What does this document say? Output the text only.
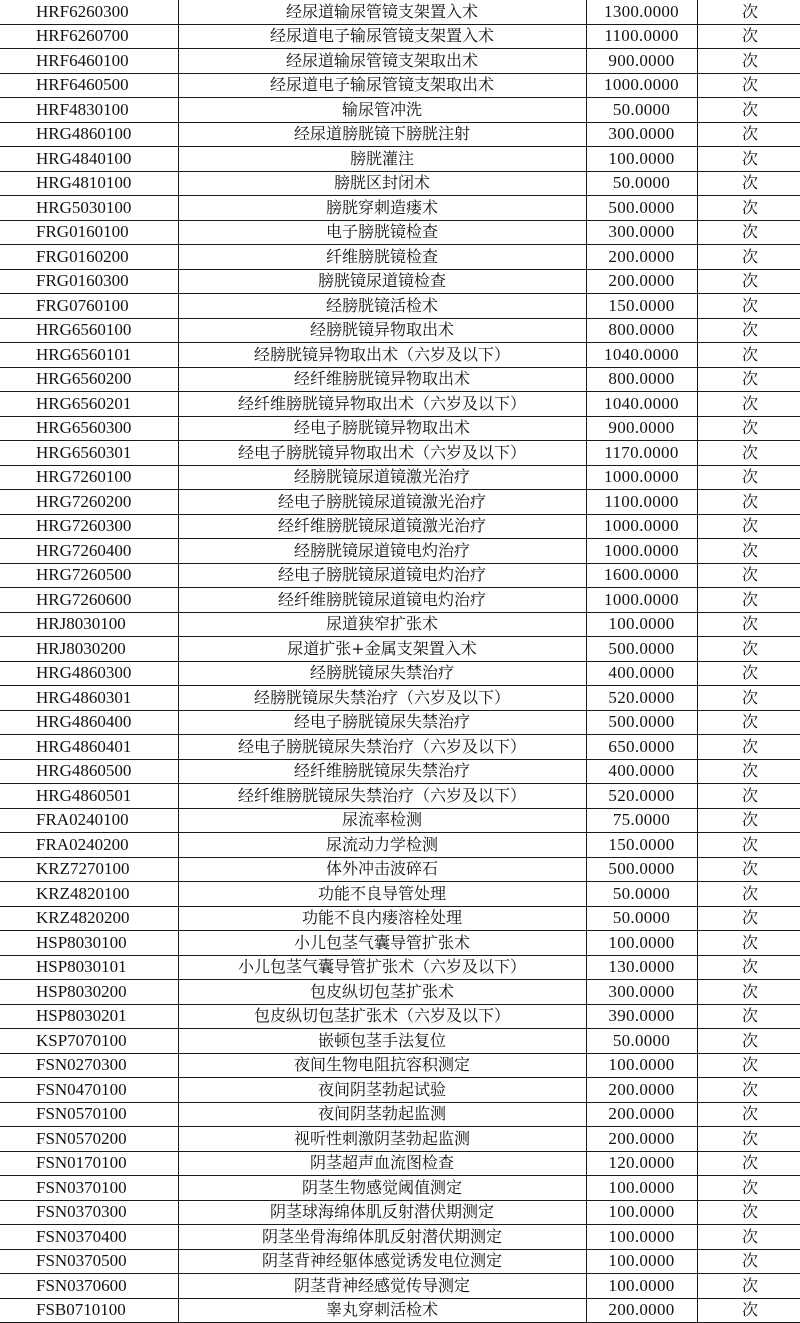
HRF6260300	经尿道输尿管镜支架置入术	1300.0000	次
HRF6260700	经尿道电子输尿管镜支架置入术	1100.0000	次
HRF6460100	经尿道输尿管镜支架取出术	900.0000	次
HRF6460500	经尿道电子输尿管镜支架取出术	1000.0000	次
HRF4830100	输尿管冲洗	50.0000	次
HRG4860100	经尿道膀胱镜下膀胱注射	300.0000	次
HRG4840100	膀胱灌注	100.0000	次
HRG4810100	膀胱区封闭术	50.0000	次
HRG5030100	膀胱穿刺造瘘术	500.0000	次
FRG0160100	电子膀胱镜检查	300.0000	次
FRG0160200	纤维膀胱镜检查	200.0000	次
FRG0160300	膀胱镜尿道镜检查	200.0000	次
FRG0760100	经膀胱镜活检术	150.0000	次
HRG6560100	经膀胱镜异物取出术	800.0000	次
HRG6560101	经膀胱镜异物取出术（六岁及以下）	1040.0000	次
HRG6560200	经纤维膀胱镜异物取出术	800.0000	次
HRG6560201	经纤维膀胱镜异物取出术（六岁及以下）	1040.0000	次
HRG6560300	经电子膀胱镜异物取出术	900.0000	次
HRG6560301	经电子膀胱镜异物取出术（六岁及以下）	1170.0000	次
HRG7260100	经膀胱镜尿道镜激光治疗	1000.0000	次
HRG7260200	经电子膀胱镜尿道镜激光治疗	1100.0000	次
HRG7260300	经纤维膀胱镜尿道镜激光治疗	1000.0000	次
HRG7260400	经膀胱镜尿道镜电灼治疗	1000.0000	次
HRG7260500	经电子膀胱镜尿道镜电灼治疗	1600.0000	次
HRG7260600	经纤维膀胱镜尿道镜电灼治疗	1000.0000	次
HRJ8030100	尿道狭窄扩张术	100.0000	次
HRJ8030200	尿道扩张+金属支架置入术	500.0000	次
HRG4860300	经膀胱镜尿失禁治疗	400.0000	次
HRG4860301	经膀胱镜尿失禁治疗（六岁及以下）	520.0000	次
HRG4860400	经电子膀胱镜尿失禁治疗	500.0000	次
HRG4860401	经电子膀胱镜尿失禁治疗（六岁及以下）	650.0000	次
HRG4860500	经纤维膀胱镜尿失禁治疗	400.0000	次
HRG4860501	经纤维膀胱镜尿失禁治疗（六岁及以下）	520.0000	次
FRA0240100	尿流率检测	75.0000	次
FRA0240200	尿流动力学检测	150.0000	次
KRZ7270100	体外冲击波碎石	500.0000	次
KRZ4820100	功能不良导管处理	50.0000	次
KRZ4820200	功能不良内瘘溶栓处理	50.0000	次
HSP8030100	小儿包茎气囊导管扩张术	100.0000	次
HSP8030101	小儿包茎气囊导管扩张术（六岁及以下）	130.0000	次
HSP8030200	包皮纵切包茎扩张术	300.0000	次
HSP8030201	包皮纵切包茎扩张术（六岁及以下）	390.0000	次
KSP7070100	嵌顿包茎手法复位	50.0000	次
FSN0270300	夜间生物电阻抗容积测定	100.0000	次
FSN0470100	夜间阴茎勃起试验	200.0000	次
FSN0570100	夜间阴茎勃起监测	200.0000	次
FSN0570200	视听性刺激阴茎勃起监测	200.0000	次
FSN0170100	阴茎超声血流图检查	120.0000	次
FSN0370100	阴茎生物感觉阈值测定	100.0000	次
FSN0370300	阴茎球海绵体肌反射潜伏期测定	100.0000	次
FSN0370400	阴茎坐骨海绵体肌反射潜伏期测定	100.0000	次
FSN0370500	阴茎背神经躯体感觉诱发电位测定	100.0000	次
FSN0370600	阴茎背神经感觉传导测定	100.0000	次
FSB0710100	睾丸穿刺活检术	200.0000	次
